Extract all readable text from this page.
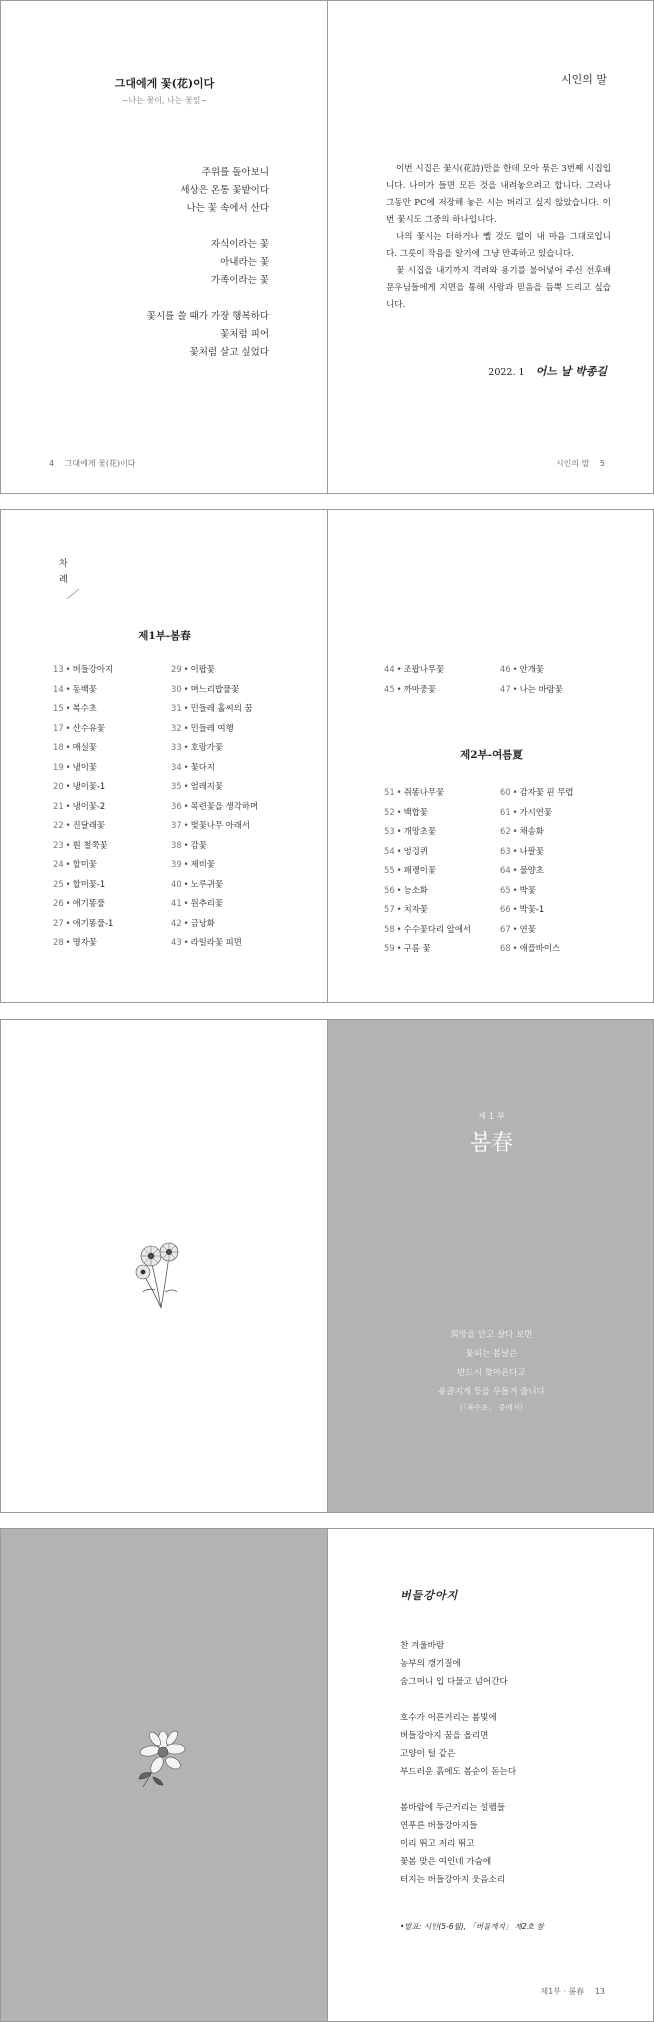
그대에게 꽃(花)이다
~나는 꽃이, 나는 꽃잎~
주위를 돌아보니
세상은 온통 꽃밭이다
나는 꽃 속에서 산다
자식이라는 꽃
아내라는 꽃
가족이라는 꽃
꽃시를 쓸 때가 가장 행복하다
꽃처럼 피어
꽃처럼 살고 싶었다
4 그대에게 꽃(花)이다
시인의 말

이번 시집은 꽃시(花詩)만을 한데 모아 묶은 3번째 시집입니다. 나이가 들면 모든 것을 내려놓으려고 합니다. 그러나 그동안 PC에 저장해 놓은 시는 버리고 싶지 않았습니다. 이번 꽃시도 그중의 하나입니다.

나의 꽃시는 더하거나 뺄 것도 없이 내 마음 그대로입니다. 그릇이 작음을 알기에 그냥 만족하고 있습니다.

꽃 시집을 내기까지 격려와 용기를 불어넣어 주신 선후배 문우님들에게 지면을 통해 사랑과 믿음을 듬뿍 드리고 싶습니다.

2022. 1 어느 날 박종길
시인의 말 5
차
례
제1부-봄春
13 • 버들강아지
14 • 동백꽃
15 • 복수초
17 • 산수유꽃
18 • 매실꽃
19 • 냉이꽃
20 • 냉이꽃-1
21 • 냉이꽃-2
22 • 진달래꽃
23 • 휜 철쭉꽃
24 • 할미꽃
25 • 할미꽃-1
26 • 애기똥풀
27 • 애기똥풀-1
28 • 명자꽃
29 • 이팝꽃
30 • 며느리밥풀꽃
31 • 민들레 홀씨의 꿈
32 • 민들레 여행
33 • 호랑가꽃
34 • 꽃다지
35 • 엄레지꽃
36 • 목련꽃을 생각하며
37 • 벚꽃나무 아래서
38 • 감꽃
39 • 제비꽃
40 • 노루귀꽃
41 • 원추리꽃
42 • 금낭화
43 • 라일라꽃 피면
44 • 조팝나무꽃
45 • 까마중꽃
46 • 안개꽃
47 • 나는 바람꽃
제2부-여름夏
51 • 쥐똥나무꽃
52 • 백합꽃
53 • 개망초꽃
54 • 엉겅퀴
55 • 패랭이꽃
56 • 능소화
57 • 치자꽃
58 • 수수꽃다리 앞에서
59 • 구름 꽃
60 • 감자꽃 핀 무렵
61 • 가시연꽃
62 • 채송화
63 • 나팔꽃
64 • 물양초
65 • 박꽃
66 • 박꽃-1
67 • 연꽃
68 • 애플바이스
제 1 부
봄春
희망을 안고 살다 보면
꽃피는 봄날은
반드시 찾아온다고
용골지게 등을 두들겨 줍니다
(「복수초」 중에서)
버들강아지
찬 겨울바람
농부의 갱기질에
숨그머니 입 다물고 넘어간다
호수가 어른거리는 봄빛에
버들강아지 꿈을 올리면
고양이 털 같은
부드러운 흙에도 봄순이 돋는다
봄바람에 두근거리는 설렘들
연푸른 버들강아지들
이리 뛰고 저리 뛰고
꽃봄 맞은 여인네 가슴에
터지는 버들강아지 웃음소리
•발표: 시인(5-6월), 「버들개지」 제2호 참
제1부 · 봄春 13
